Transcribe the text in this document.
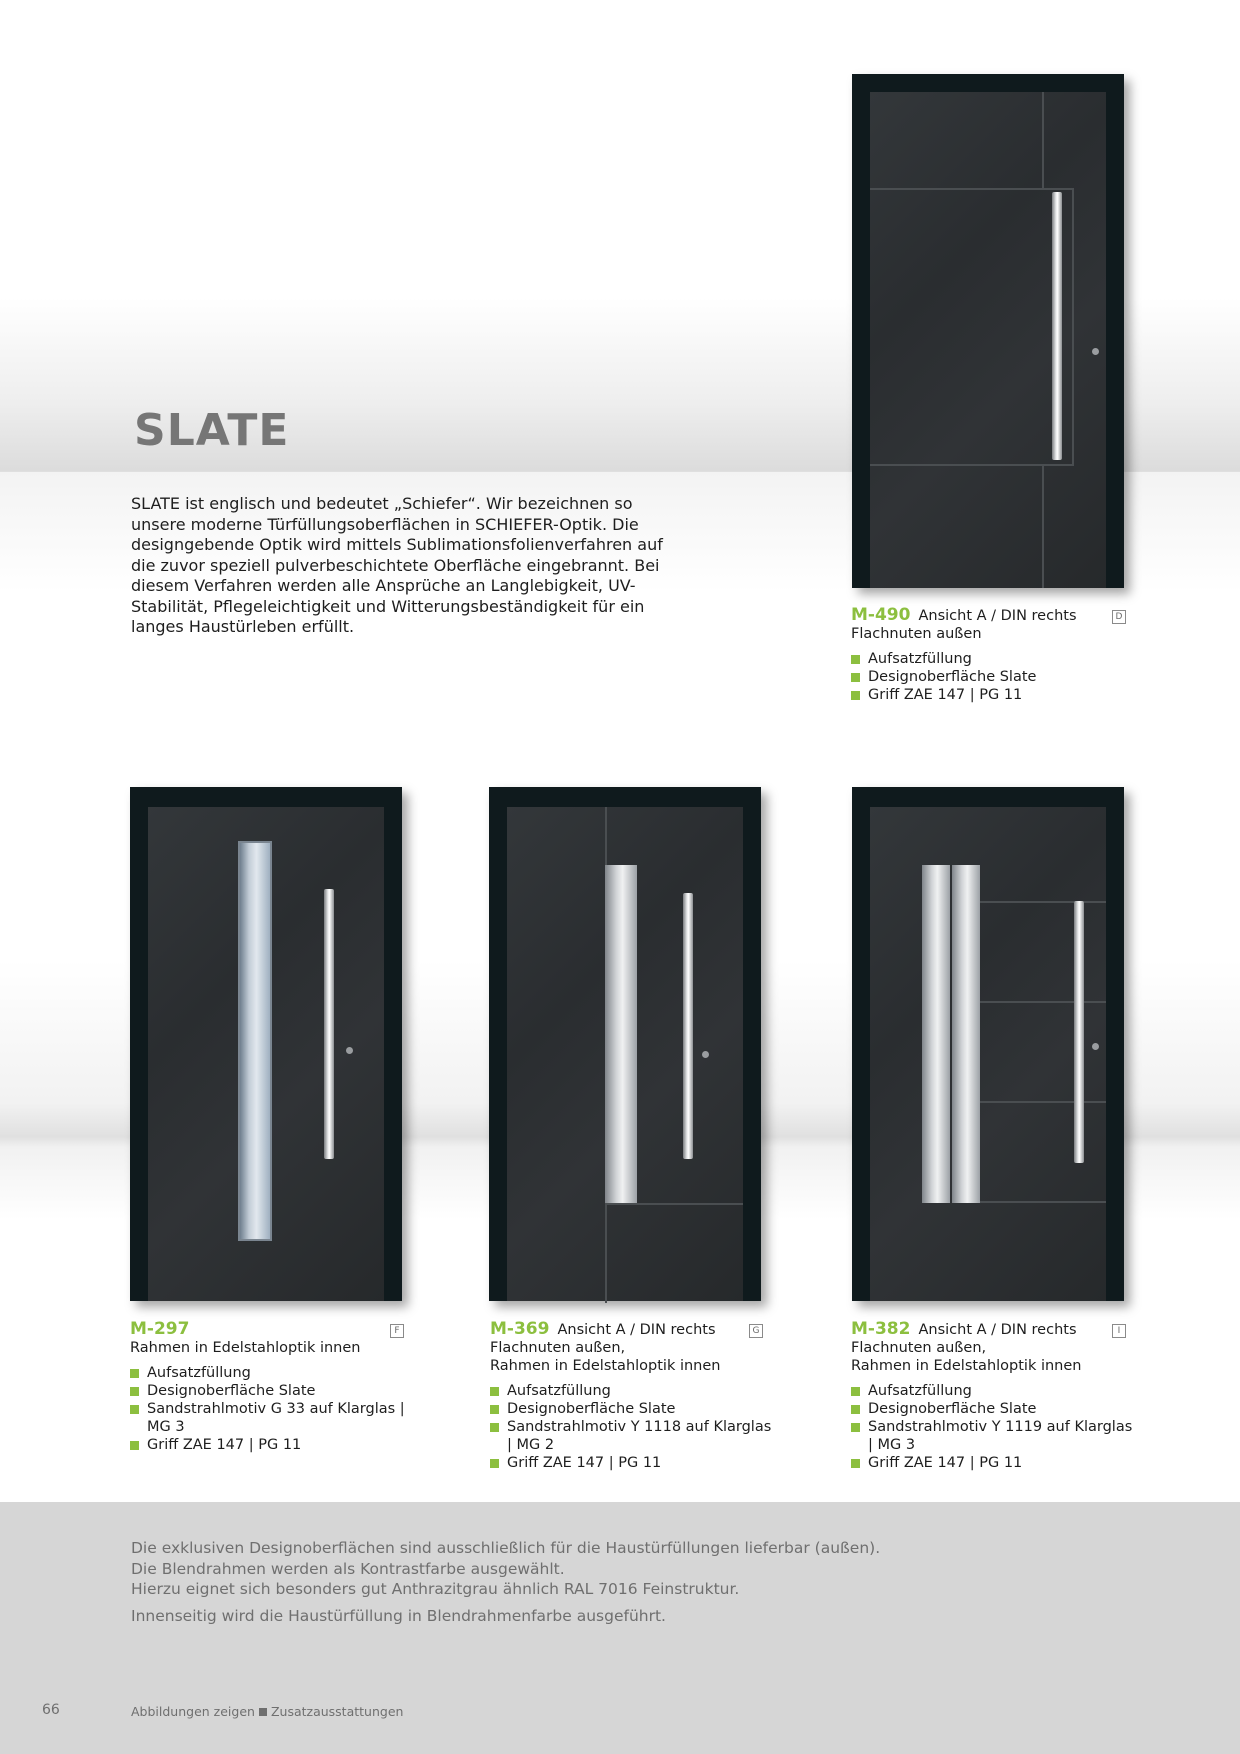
SLATE

SLATE ist englisch und bedeutet „Schiefer“. Wir bezeichnen so unsere moderne Türfüllungsoberflächen in SCHIEFER-Optik. Die designgebende Optik wird mittels Sublimationsfolienverfahren auf die zuvor speziell pulverbeschichtete Oberfläche eingebrannt. Bei diesem Verfahren werden alle Ansprüche an Langlebigkeit, UV-Stabilität, Pflegeleichtigkeit und Witterungsbeständigkeit für ein langes Haustürleben erfüllt.

M-490 Ansicht A / DIN rechts
Flachnuten außen
Aufsatzfüllung
Designoberfläche Slate
Griff ZAE 147 | PG 11
D
M-297
Rahmen in Edelstahloptik innen
Aufsatzfüllung
Designoberfläche Slate
Sandstrahlmotiv G 33 auf Klarglas | MG 3
Griff ZAE 147 | PG 11
F	M-369 Ansicht A / DIN rechts
Flachnuten außen,
Rahmen in Edelstahloptik innen
Aufsatzfüllung
Designoberfläche Slate
Sandstrahlmotiv Y 1118 auf Klarglas | MG 2
Griff ZAE 147 | PG 11
G	M-382 Ansicht A / DIN rechts
Flachnuten außen,
Rahmen in Edelstahloptik innen
Aufsatzfüllung
Designoberfläche Slate
Sandstrahlmotiv Y 1119 auf Klarglas | MG 3
Griff ZAE 147 | PG 11
I

Die exklusiven Designoberflächen sind ausschließlich für die Haustürfüllungen lieferbar (außen).

Die Blendrahmen werden als Kontrastfarbe ausgewählt.

Hierzu eignet sich besonders gut Anthrazitgrau ähnlich RAL 7016 Feinstruktur.

Innenseitig wird die Haustürfüllung in Blendrahmenfarbe ausgeführt.

66	Abbildungen zeigen Zusatzausstattungen
